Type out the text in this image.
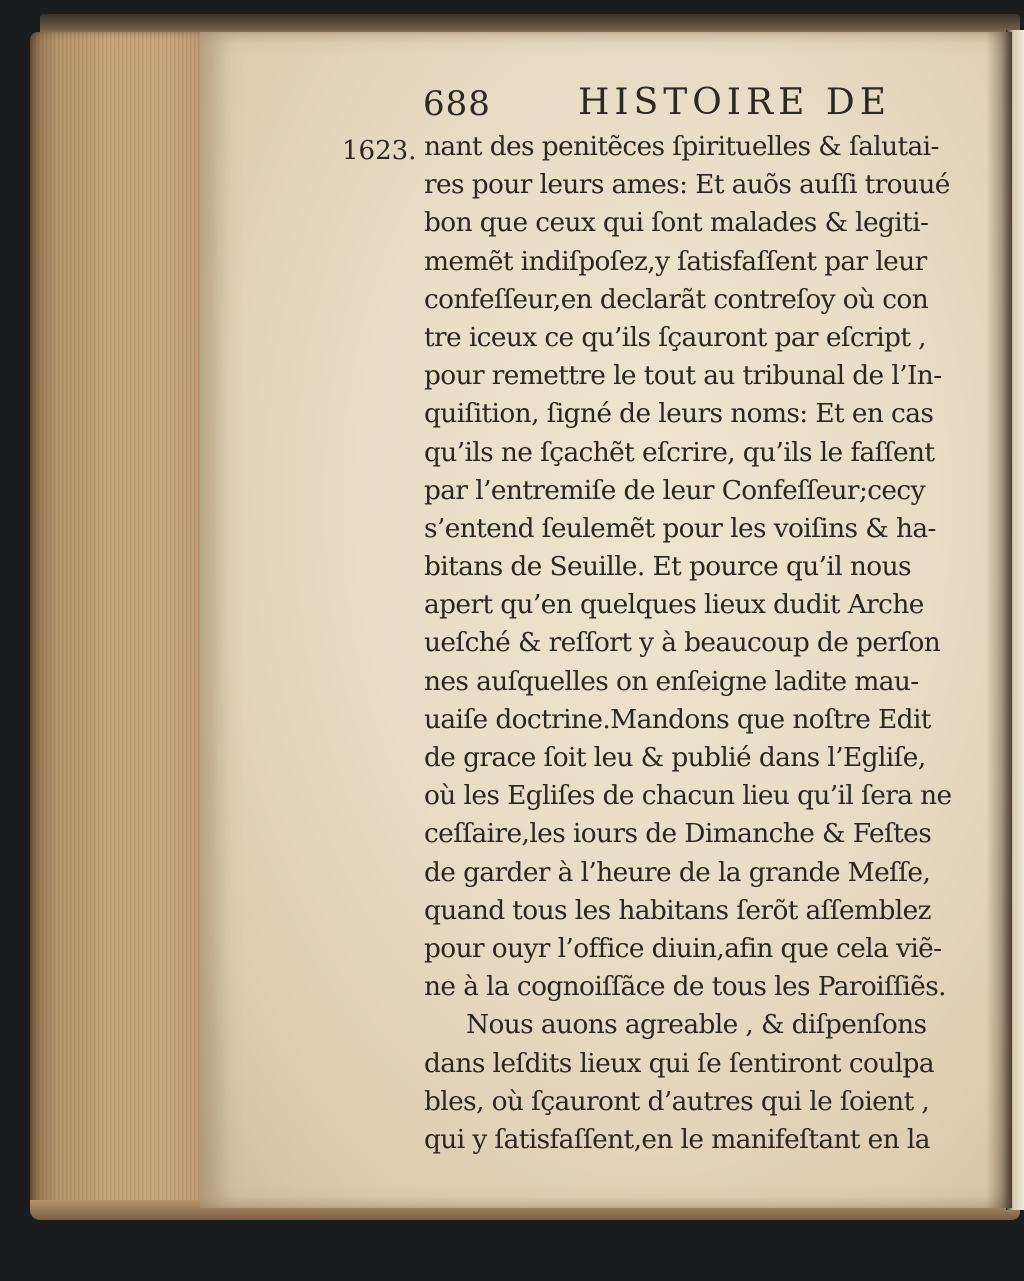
688 HISTOIRE DE
1623. nant des penitẽces ſpirituelles & ſalutai-
res pour leurs ames: Et auõs auſſi trouué
bon que ceux qui ſont malades & legiti-
memẽt indiſpoſez,y ſatisfaſſent par leur
confeſſeur,en declarãt contreſoy où con
tre iceux ce qu’ils ſçauront par eſcript ,
pour remettre le tout au tribunal de l’In-
quiſition, ſigné de leurs noms: Et en cas
qu’ils ne ſçachẽt eſcrire, qu’ils le faſſent
par l’entremiſe de leur Confeſſeur;cecy
s’entend ſeulemẽt pour les voiſins & ha-
bitans de Seuille. Et pource qu’il nous
apert qu’en quelques lieux dudit Arche
ueſché & reſſort y à beaucoup de perſon
nes auſquelles on enſeigne ladite mau-
uaiſe doctrine.Mandons que noſtre Edit
de grace ſoit leu & publié dans l’Egliſe,
où les Egliſes de chacun lieu qu’il ſera ne
ceſſaire,les iours de Dimanche & Feſtes
de garder à l’heure de la grande Meſſe,
quand tous les habitans ſerõt aſſemblez
pour ouyr l’office diuin,afin que cela viẽ-
ne à la cognoiſſãce de tous les Paroiſſiẽs.
Nous auons agreable , & diſpenſons
dans leſdits lieux qui ſe ſentiront coulpa
bles, où ſçauront d’autres qui le ſoient ,
qui y ſatisfaſſent,en le manifeſtant en la
